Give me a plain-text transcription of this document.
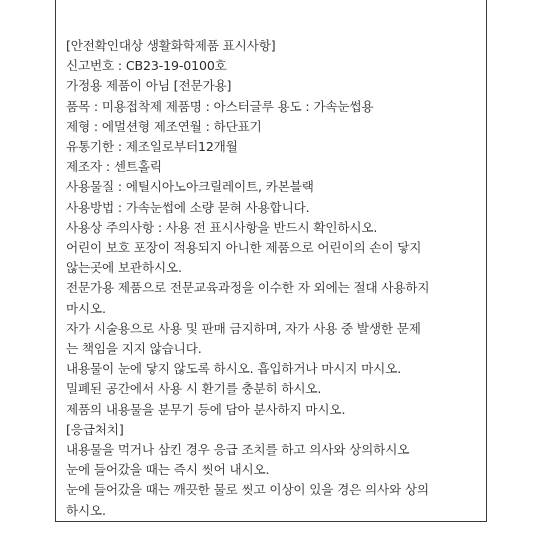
[안전확인대상 생활화학제품 표시사항]
신고번호 : CB23-19-0100호
가정용 제품이 아님 [전문가용]
품목 : 미용접착제 제품명 : 아스터글루 용도 : 가속눈썹용
제형 : 에멀션형 제조연월 : 하단표기
유통기한 : 제조일로부터12개월
제조자 : 센트홀릭
사용물질 : 에틸시아노아크릴레이트, 카본블랙
사용방법 : 가속눈썹에 소량 묻혀 사용합니다.
사용상 주의사항 : 사용 전 표시사항을 반드시 확인하시오.
어린이 보호 포장이 적용되지 아니한 제품으로 어린이의 손이 닿지
않는곳에 보관하시오.
전문가용 제품으로 전문교육과정을 이수한 자 외에는 절대 사용하지
마시오.
자가 시술용으로 사용 및 판매 금지하며, 자가 사용 중 발생한 문제
는 책임을 지지 않습니다.
내용물이 눈에 닿지 않도록 하시오. 흡입하거나 마시지 마시오.
밀폐된 공간에서 사용 시 환기를 충분히 하시오.
제품의 내용물을 분무기 등에 담아 분사하지 마시오.
[응급처치]
내용물을 먹거나 삼킨 경우 응급 조치를 하고 의사와 상의하시오
눈에 들어갔을 때는 즉시 씻어 내시오.
눈에 들어갔을 때는 깨끗한 물로 씻고 이상이 있을 경은 의사와 상의
하시오.
